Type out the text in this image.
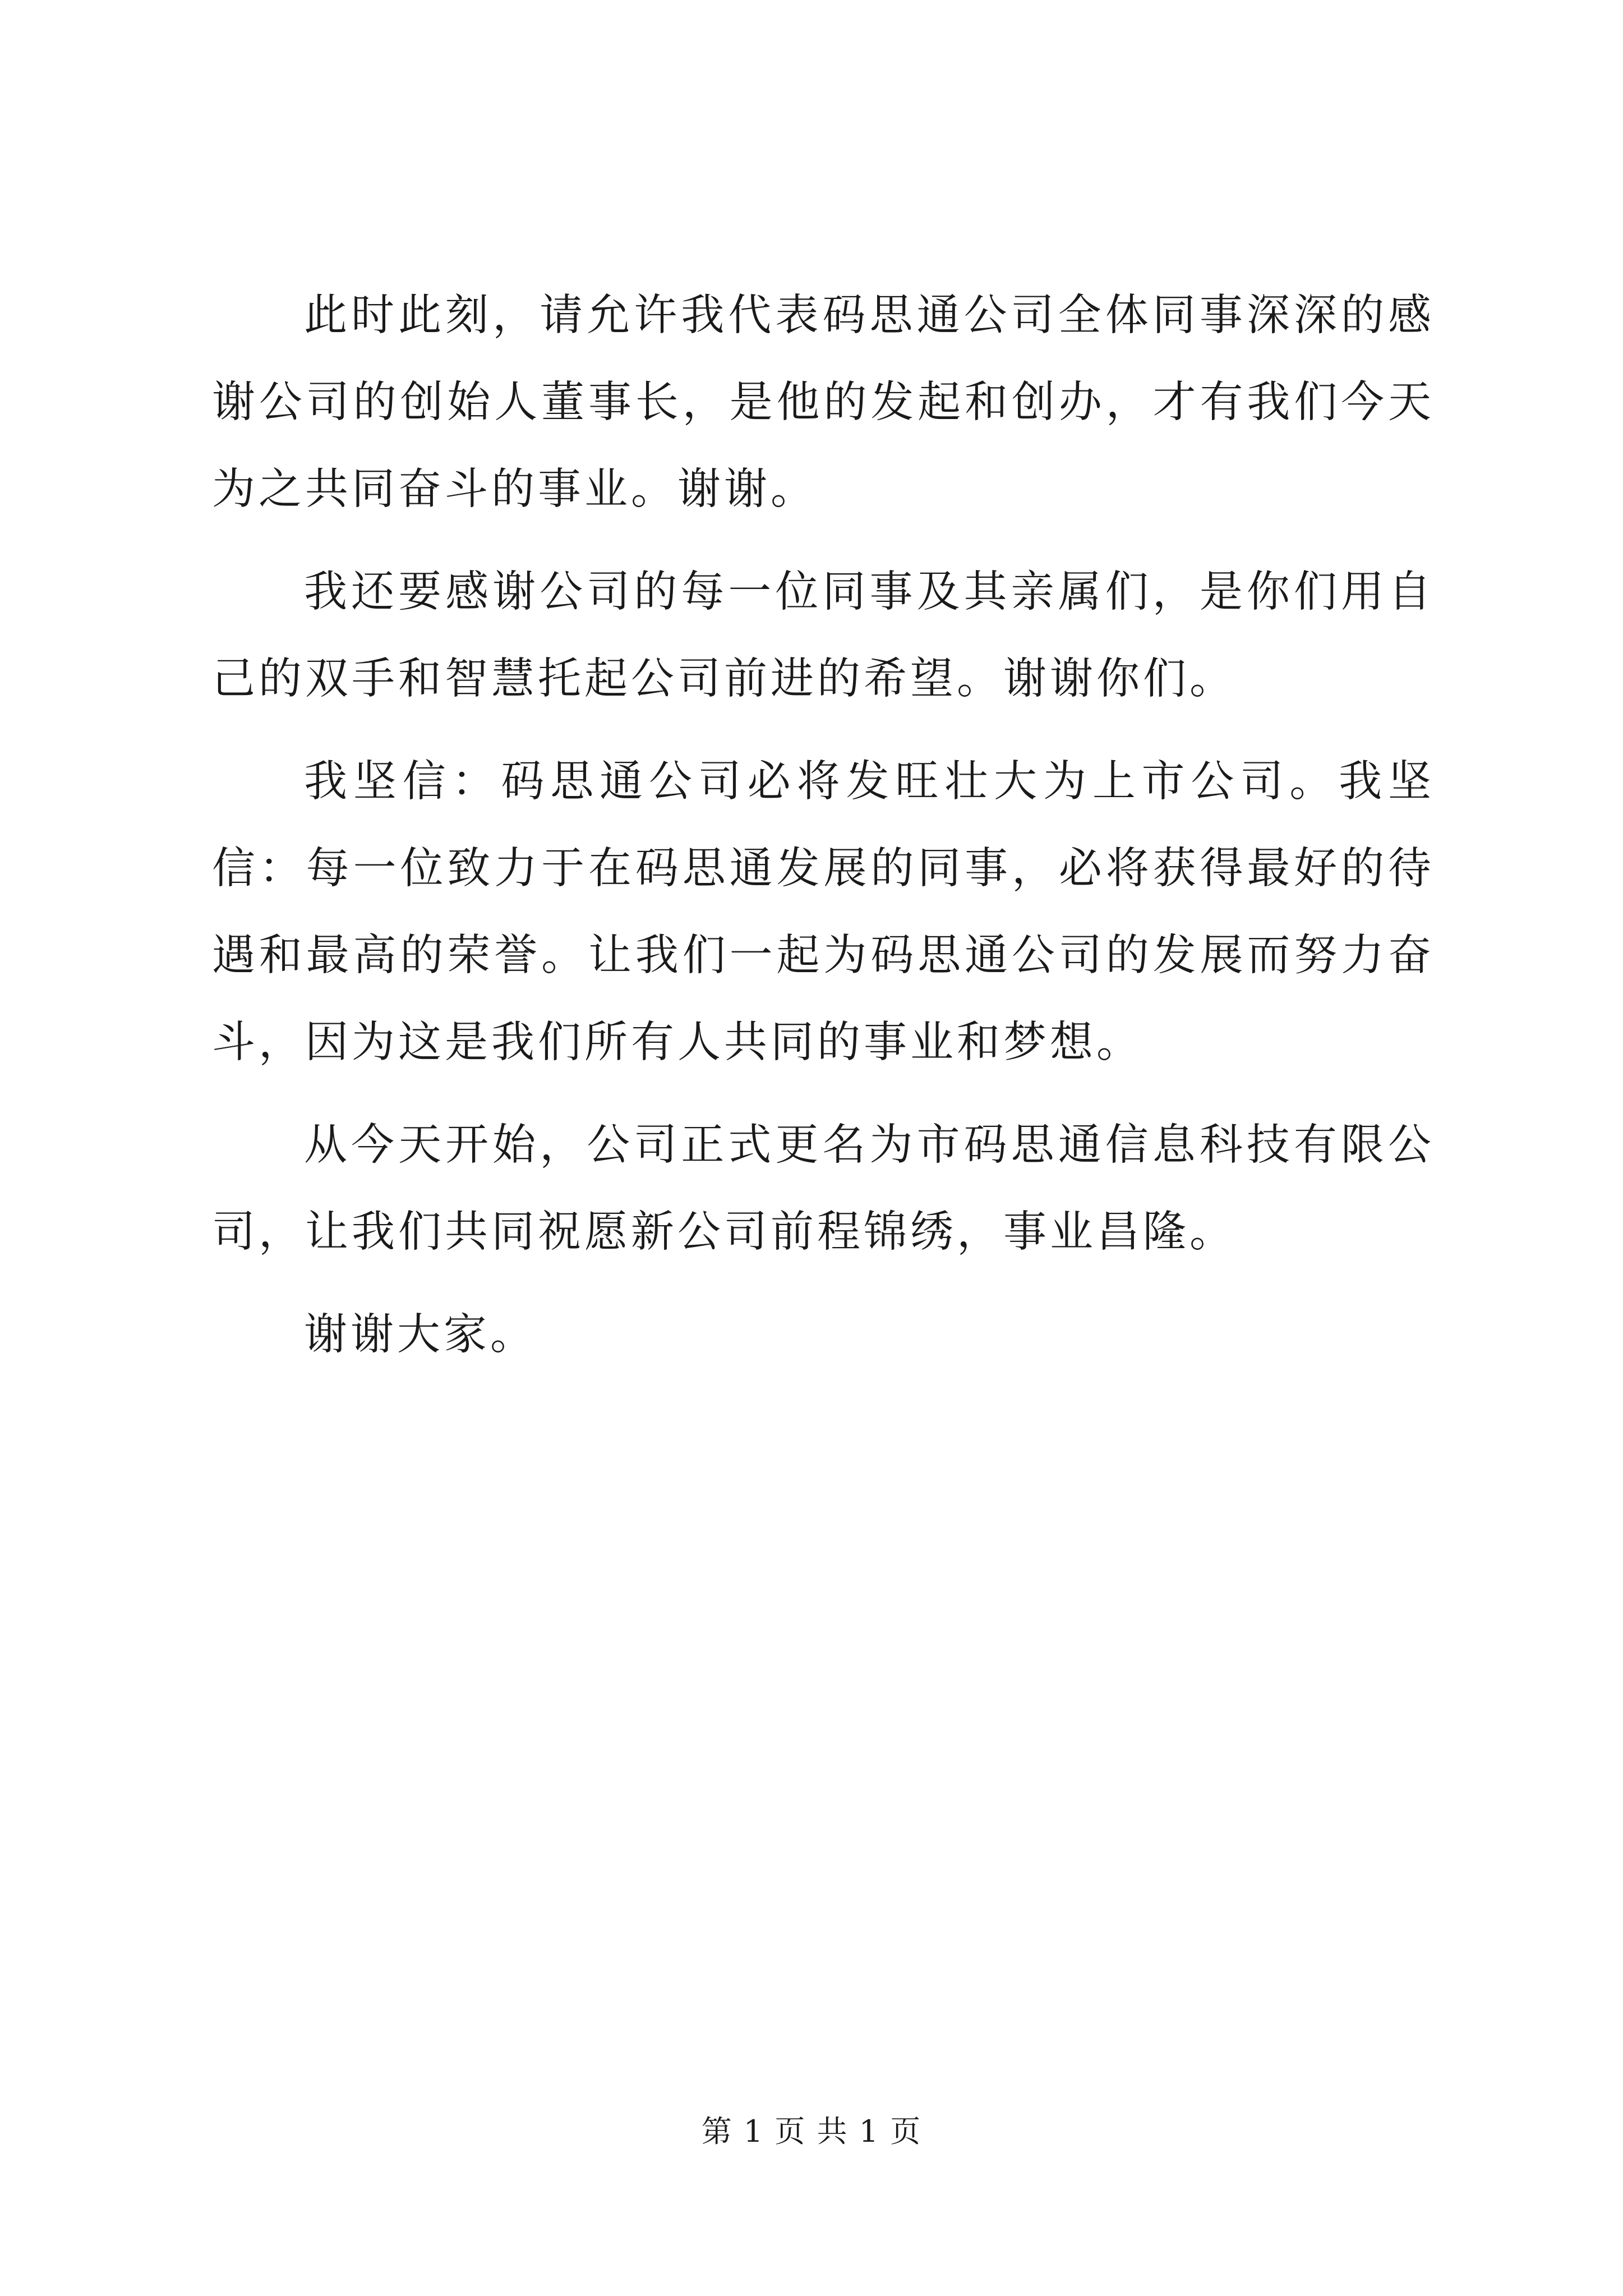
此时此刻，请允许我代表码思通公司全体同事深深的感谢公司的创始人董事长，是他的发起和创办，才有我们今天为之共同奋斗的事业。谢谢。

我还要感谢公司的每一位同事及其亲属们，是你们用自己的双手和智慧托起公司前进的希望。谢谢你们。

我坚信：码思通公司必将发旺壮大为上市公司。我坚信：每一位致力于在码思通发展的同事，必将获得最好的待遇和最高的荣誉。让我们一起为码思通公司的发展而努力奋斗，因为这是我们所有人共同的事业和梦想。

从今天开始，公司正式更名为市码思通信息科技有限公司，让我们共同祝愿新公司前程锦绣，事业昌隆。

谢谢大家。

第 1 页 共 1 页
